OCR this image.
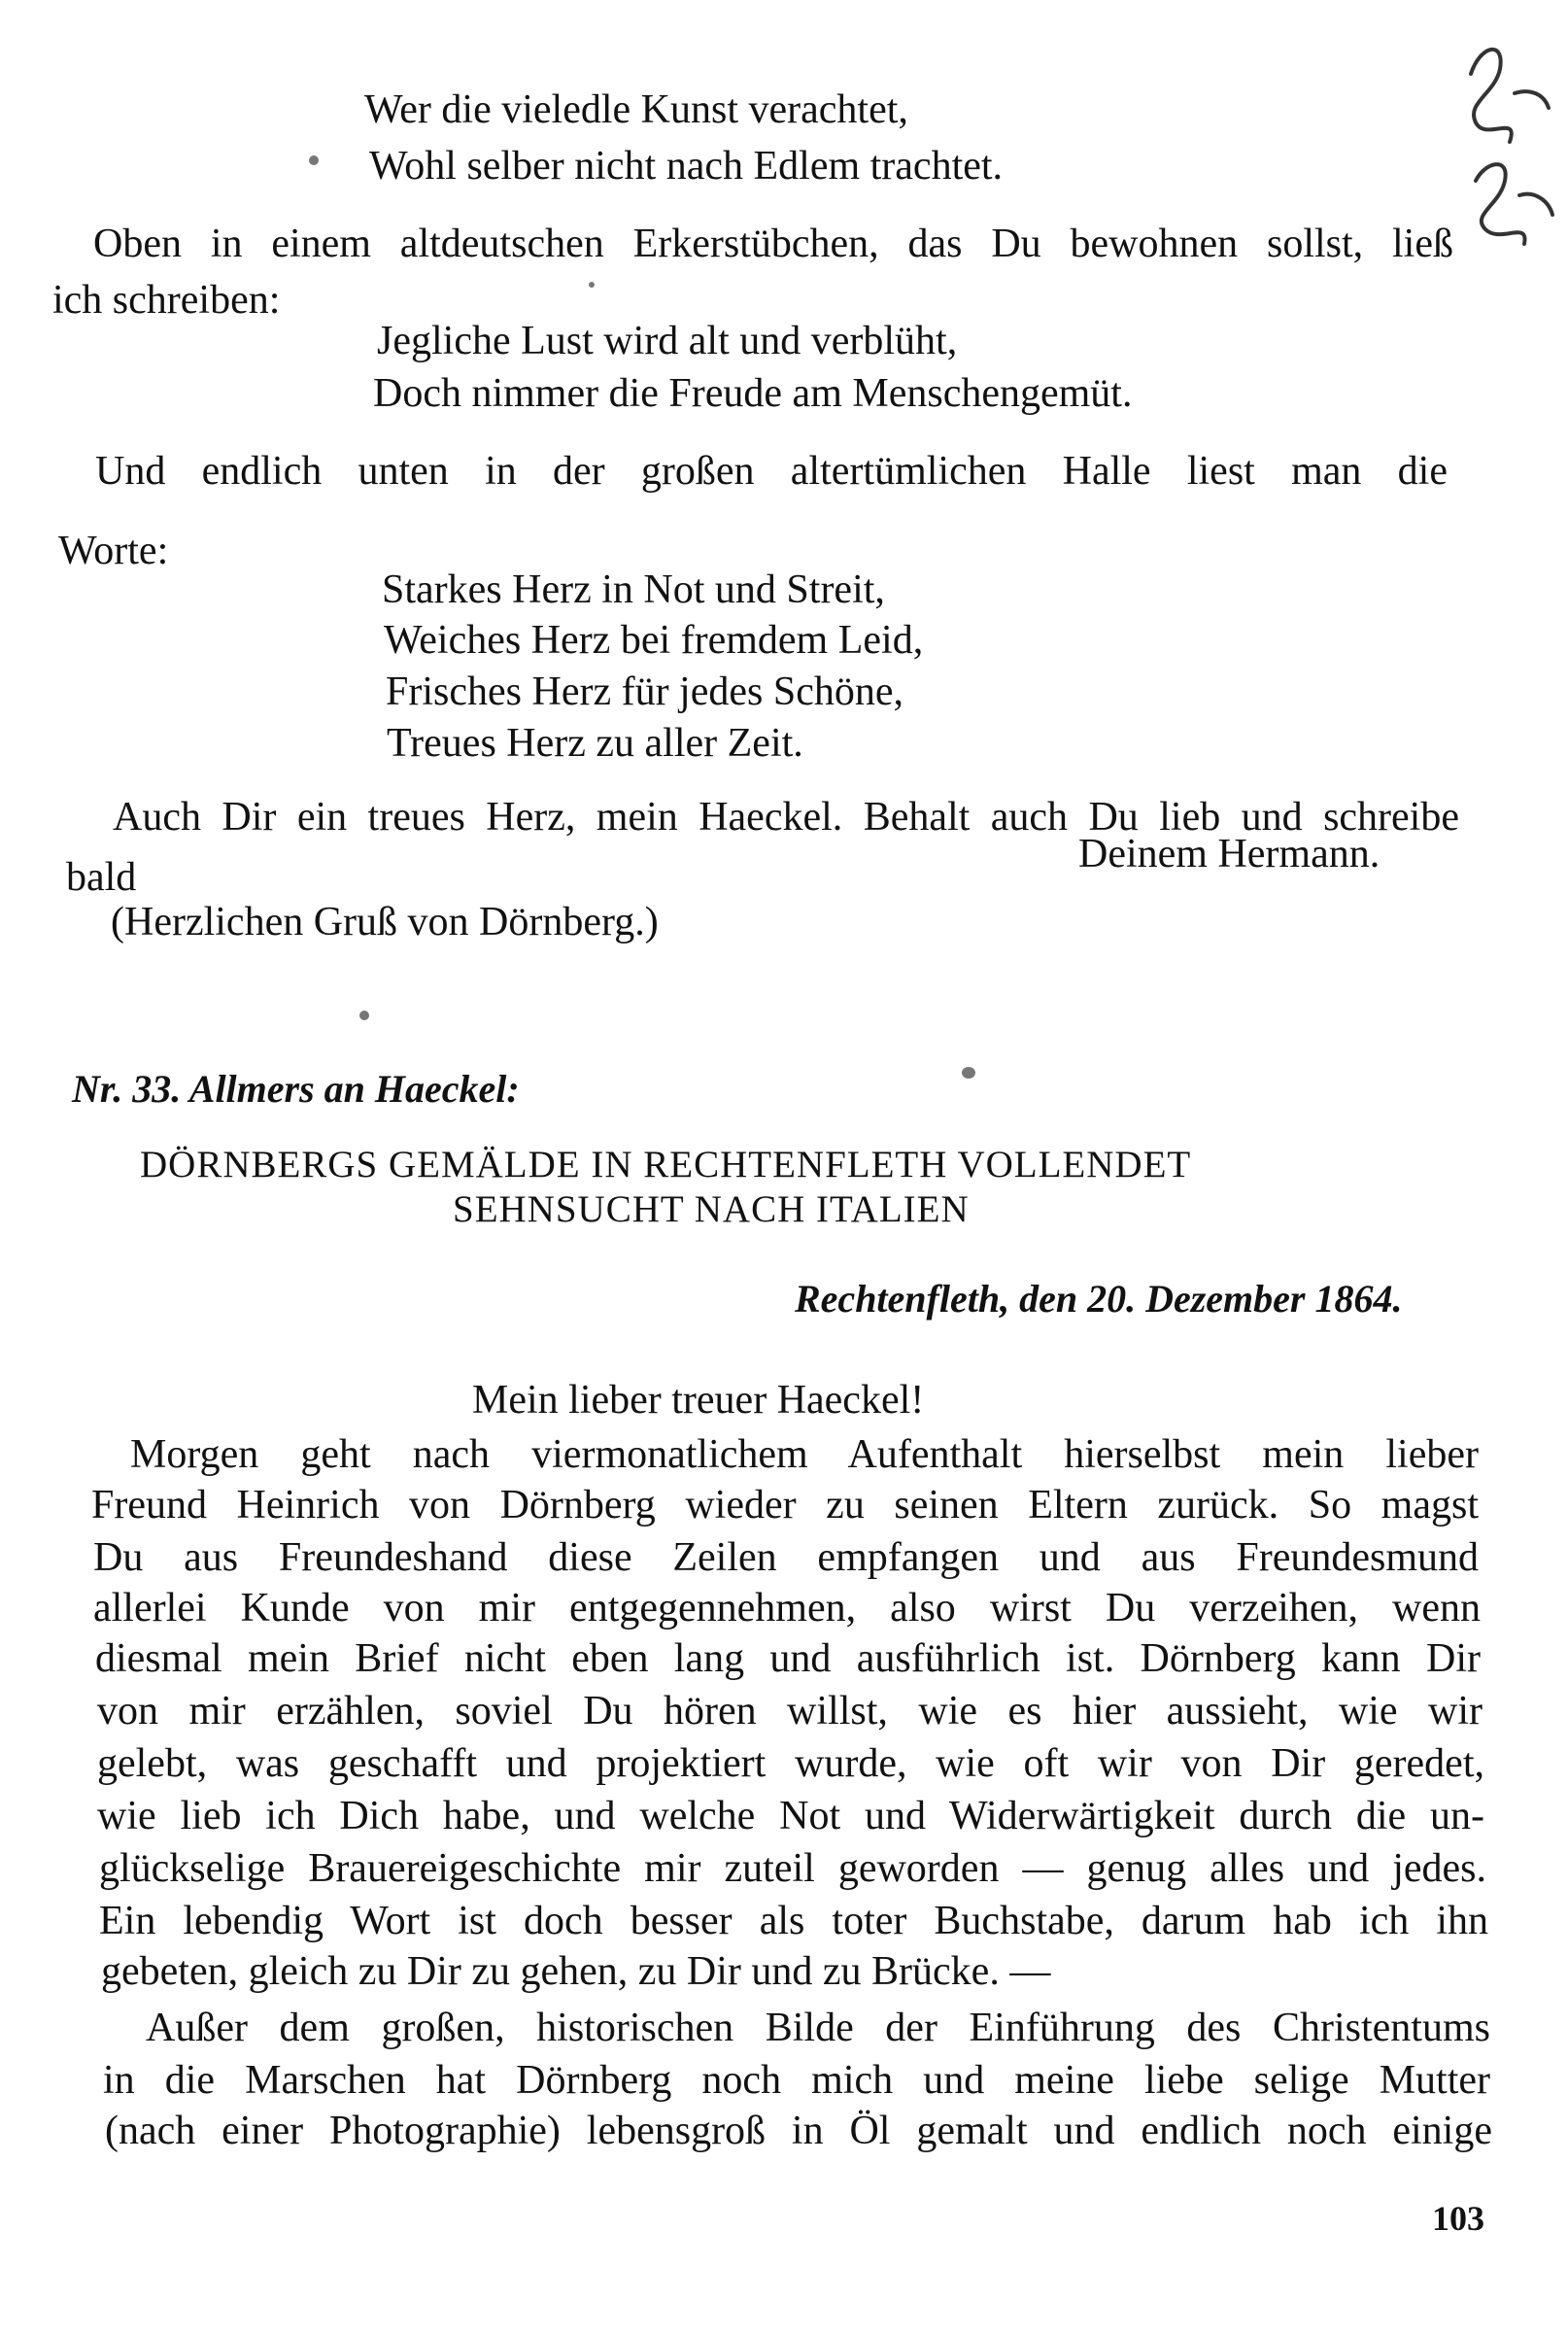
Wer die vieledle Kunst verachtet,
Wohl selber nicht nach Edlem trachtet.
Oben in einem altdeutschen Erkerstübchen, das Du bewohnen sollst, ließ
ich schreiben:
Jegliche Lust wird alt und verblüht,
Doch nimmer die Freude am Menschengemüt.
Und endlich unten in der großen altertümlichen Halle liest man die
Worte:
Starkes Herz in Not und Streit,
Weiches Herz bei fremdem Leid,
Frisches Herz für jedes Schöne,
Treues Herz zu aller Zeit.
Auch Dir ein treues Herz, mein Haeckel. Behalt auch Du lieb und schreibe
bald
Deinem Hermann.
(Herzlichen Gruß von Dörnberg.)
Nr. 33. Allmers an Haeckel:
DÖRNBERGS GEMÄLDE IN RECHTENFLETH VOLLENDET
SEHNSUCHT NACH ITALIEN
Rechtenfleth, den 20. Dezember 1864.
Mein lieber treuer Haeckel!
Morgen geht nach viermonatlichem Aufenthalt hierselbst mein lieber
Freund Heinrich von Dörnberg wieder zu seinen Eltern zurück. So magst
Du aus Freundeshand diese Zeilen empfangen und aus Freundesmund
allerlei Kunde von mir entgegennehmen, also wirst Du verzeihen, wenn
diesmal mein Brief nicht eben lang und ausführlich ist. Dörnberg kann Dir
von mir erzählen, soviel Du hören willst, wie es hier aussieht, wie wir
gelebt, was geschafft und projektiert wurde, wie oft wir von Dir geredet,
wie lieb ich Dich habe, und welche Not und Widerwärtigkeit durch die un-
glückselige Brauereigeschichte mir zuteil geworden — genug alles und jedes.
Ein lebendig Wort ist doch besser als toter Buchstabe, darum hab ich ihn
gebeten, gleich zu Dir zu gehen, zu Dir und zu Brücke. —
Außer dem großen, historischen Bilde der Einführung des Christentums
in die Marschen hat Dörnberg noch mich und meine liebe selige Mutter
(nach einer Photographie) lebensgroß in Öl gemalt und endlich noch einige
103
